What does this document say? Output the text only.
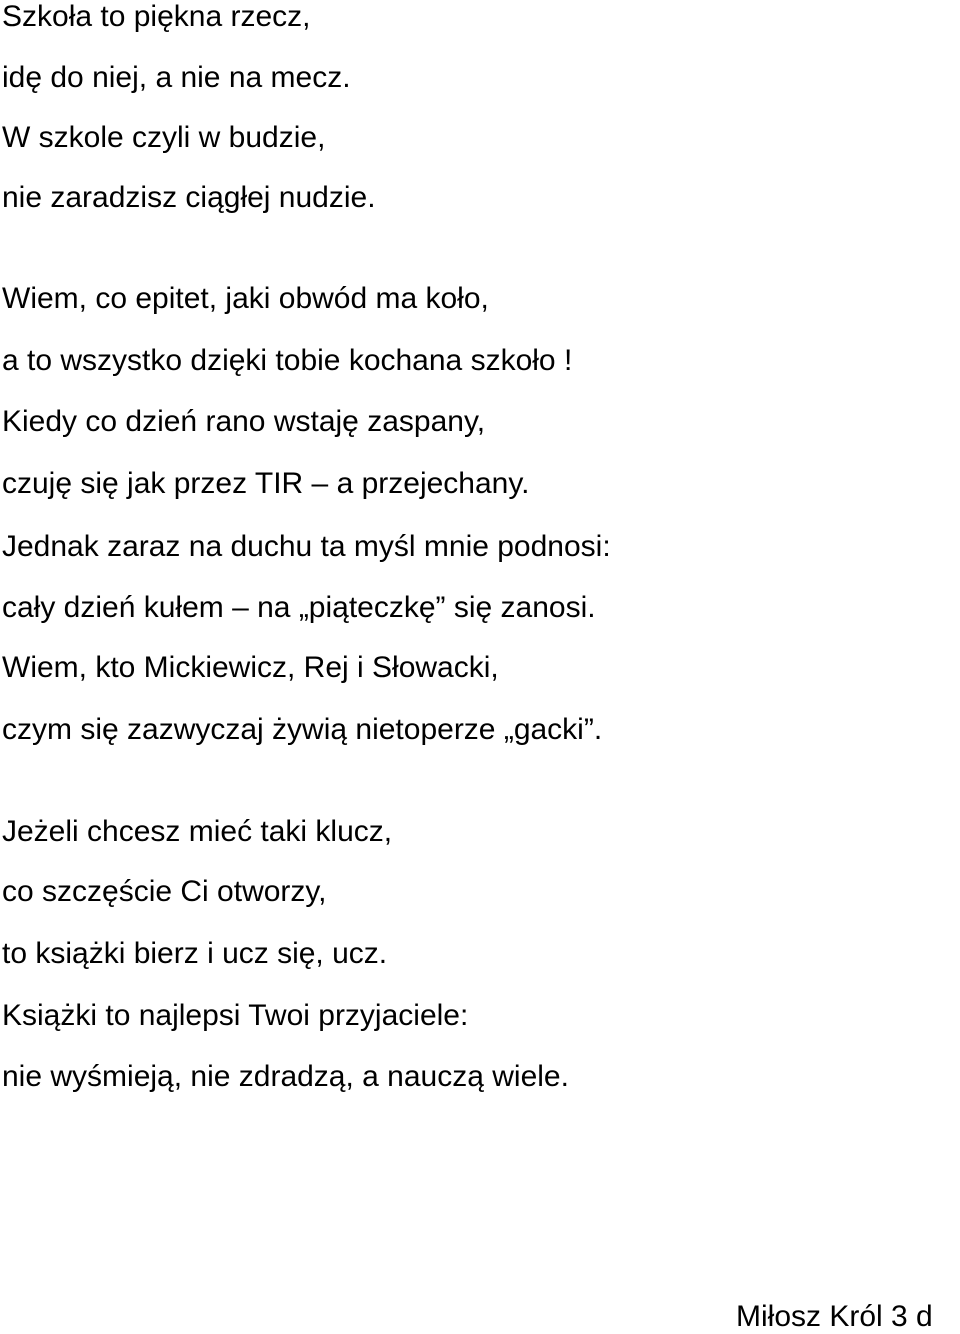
Szkoła to piękna rzecz,
idę do niej, a nie na mecz.
W szkole czyli w budzie,
nie zaradzisz ciągłej nudzie.
Wiem, co epitet, jaki obwód ma koło,
a to wszystko dzięki tobie kochana szkoło !
Kiedy co dzień rano wstaję zaspany,
czuję się jak przez TIR – a przejechany.
Jednak zaraz na duchu ta myśl mnie podnosi:
cały dzień kułem – na „piąteczkę” się zanosi.
Wiem, kto Mickiewicz, Rej i Słowacki,
czym się zazwyczaj żywią nietoperze „gacki”.
Jeżeli chcesz mieć taki klucz,
co szczęście Ci otworzy,
to książki bierz i ucz się, ucz.
Książki to najlepsi Twoi przyjaciele:
nie wyśmieją, nie zdradzą, a nauczą wiele.
Miłosz Król 3 d
